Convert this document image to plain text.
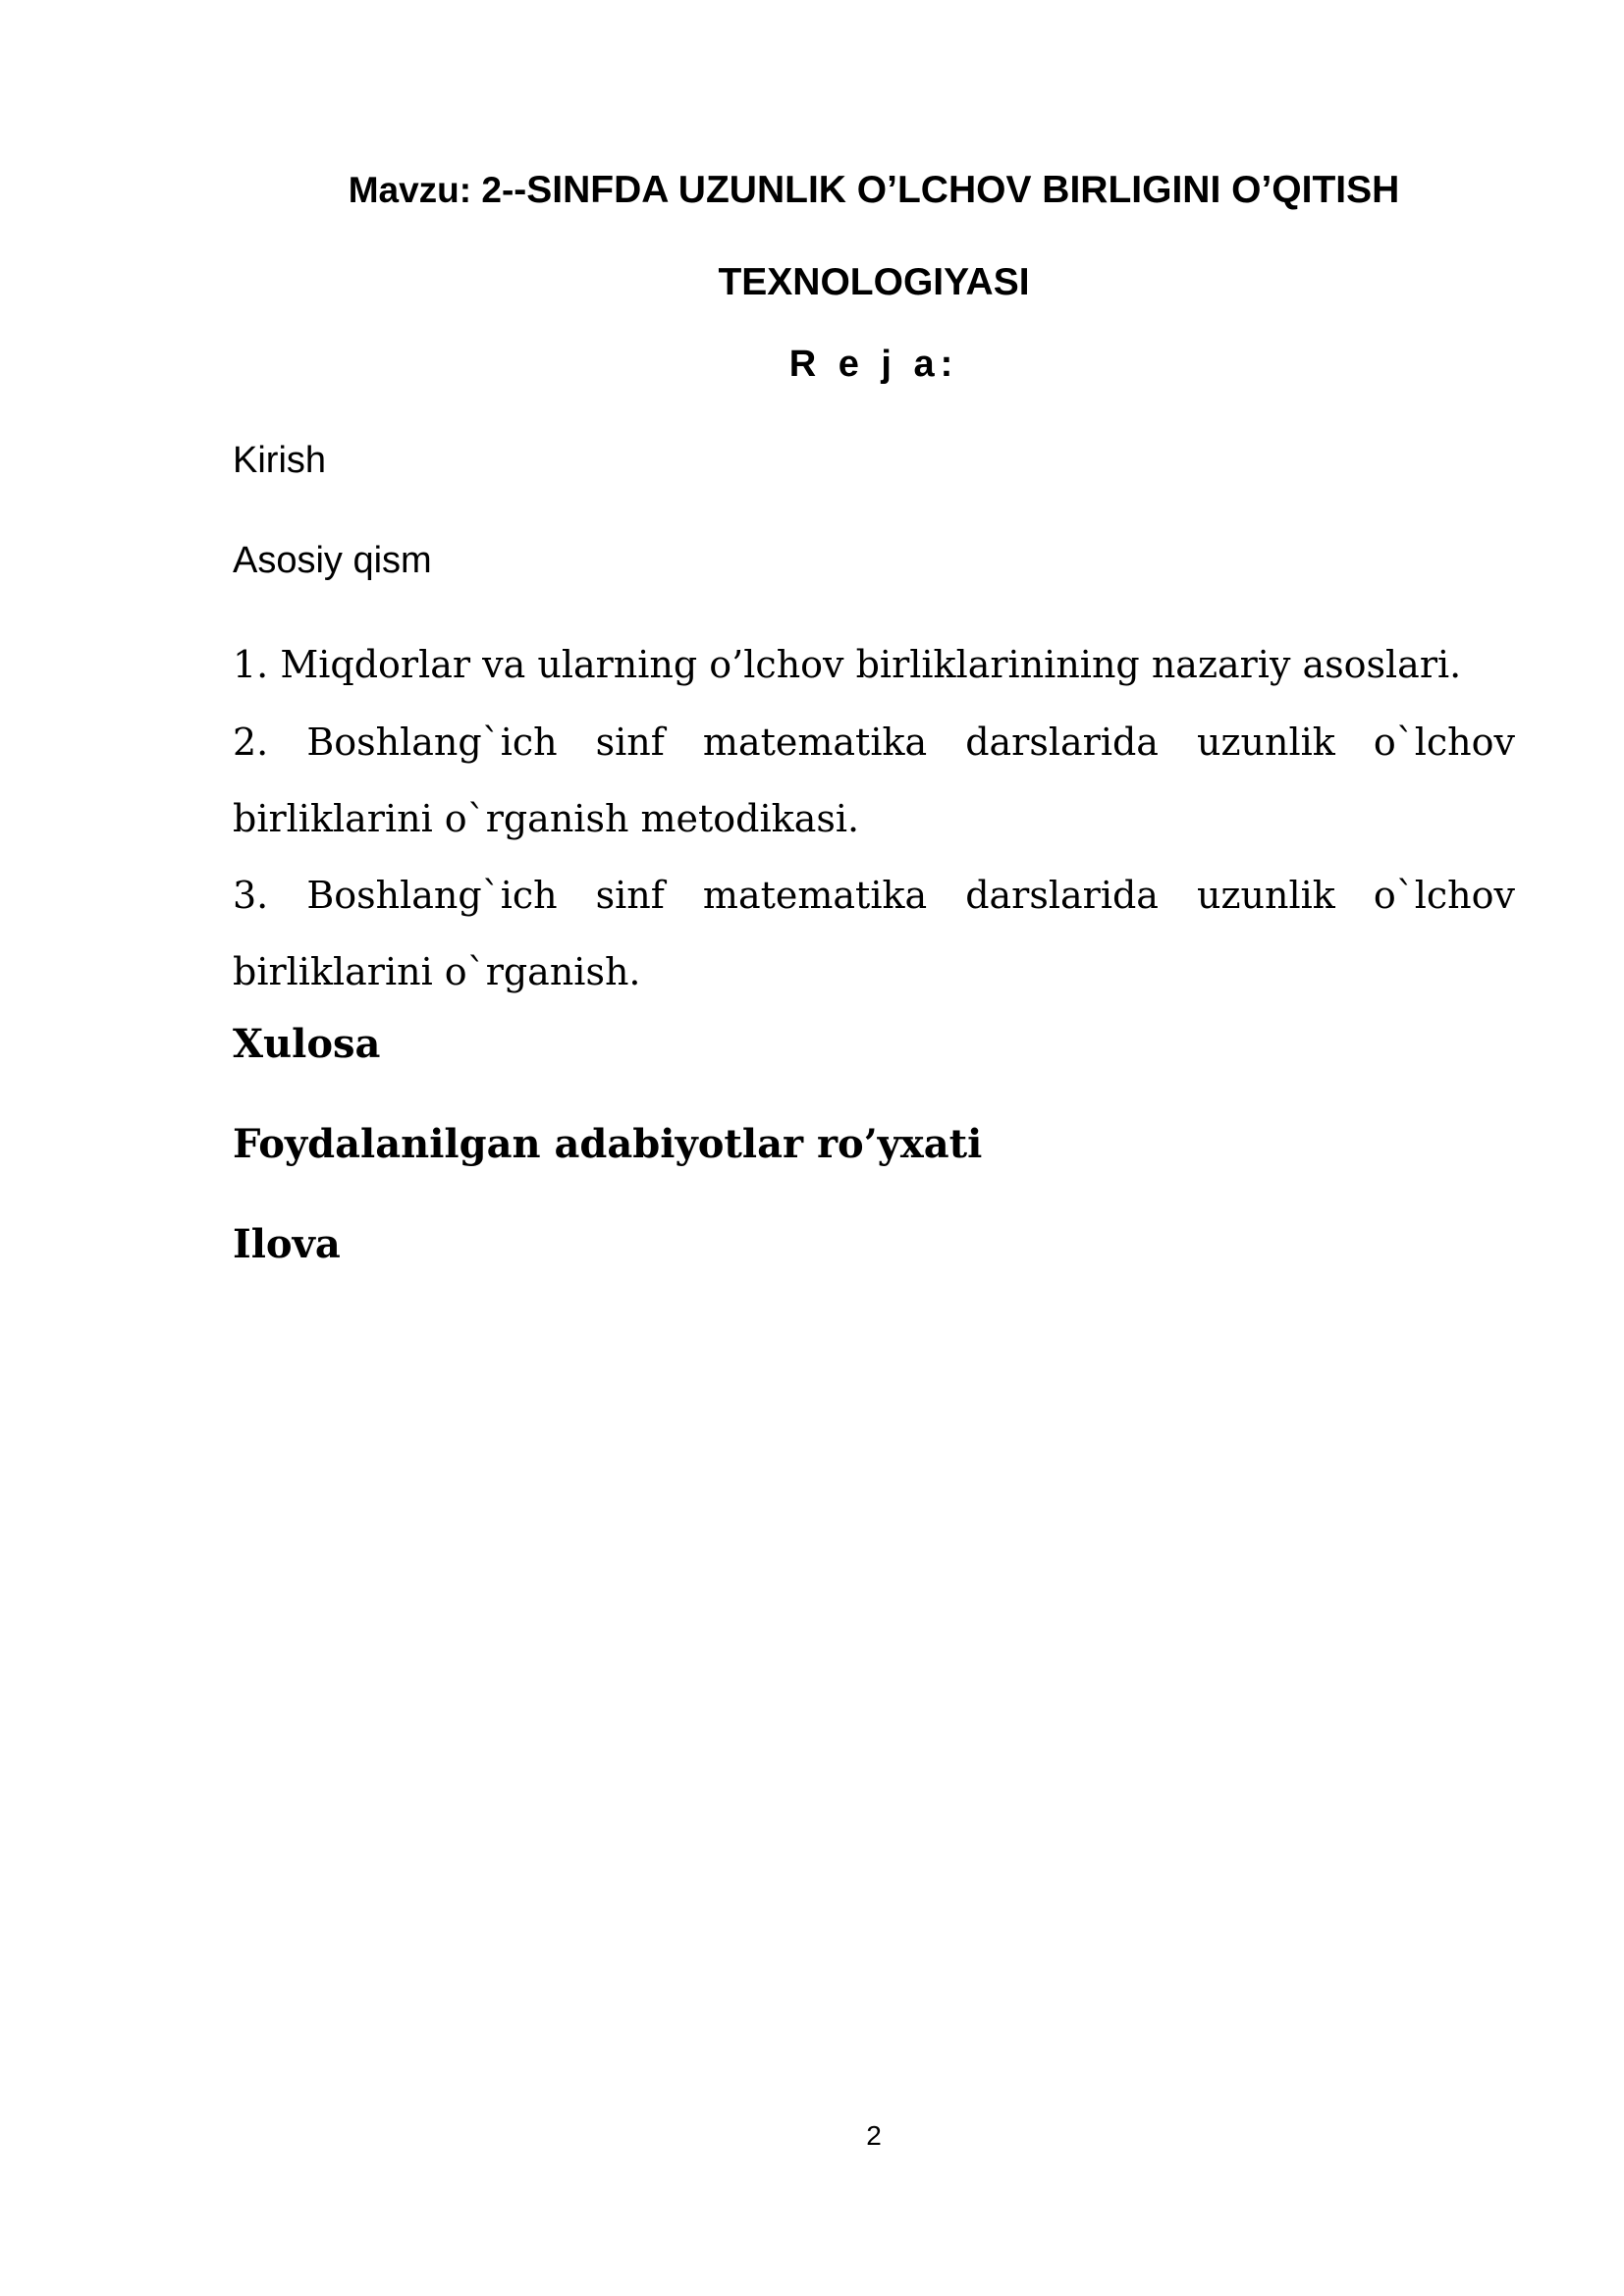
Mavzu: 2--SINFDA UZUNLIK O’LCHOV BIRLIGINI O’QITISH
TEXNOLOGIYASI
R e j a:
Kirish
Asosiy qism
1. Miqdorlar va ularning o’lchov birliklarinining nazariy asoslari.
2. Boshlang`ich sinf matematika darslarida uzunlik o`lchov
birliklarini o`rganish metodikasi.
3. Boshlang`ich sinf matematika darslarida uzunlik o`lchov
birliklarini o`rganish.
Xulosa
Foydalanilgan adabiyotlar ro’yxati
Ilova
2
